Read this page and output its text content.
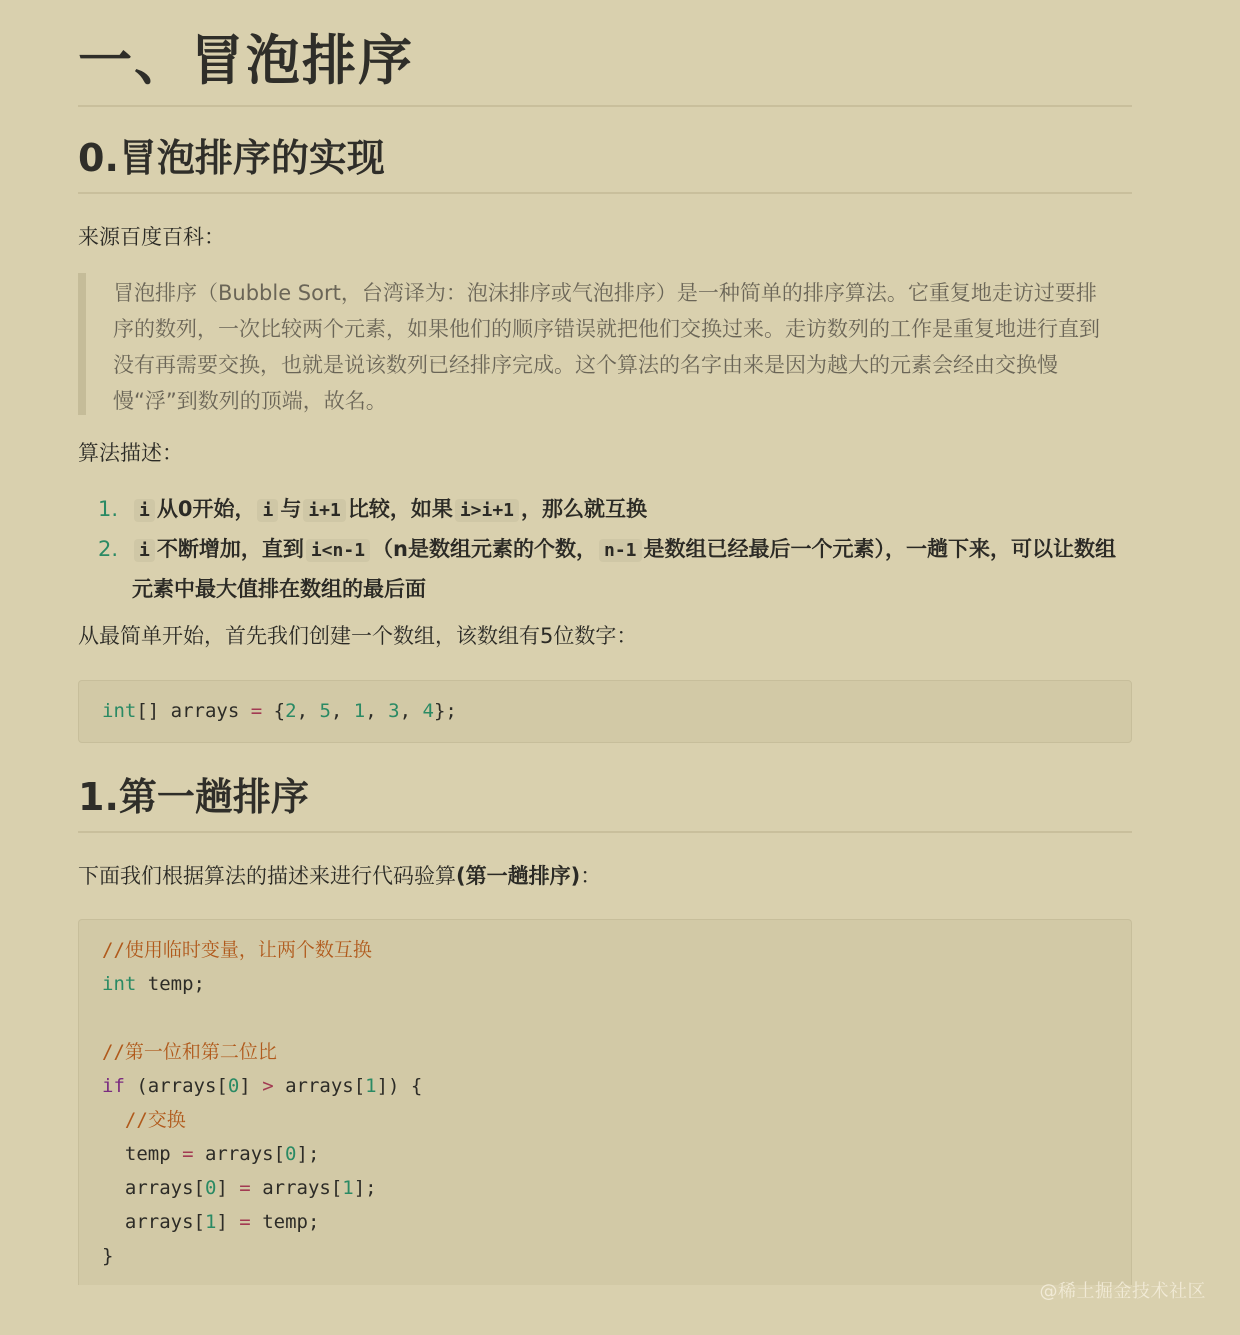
一、冒泡排序
0.冒泡排序的实现
来源百度百科：
冒泡排序（Bubble Sort，台湾译为：泡沫排序或气泡排序）是一种简单的排序算法。它重复地走访过要排序的数列，一次比较两个元素，如果他们的顺序错误就把他们交换过来。走访数列的工作是重复地进行直到没有再需要交换，也就是说该数列已经排序完成。这个算法的名字由来是因为越大的元素会经由交换慢慢“浮”到数列的顶端，故名。
算法描述：
1. i 从0开始， i 与 i+1 比较，如果 i>i+1 ，那么就互换
2. i 不断增加，直到 i<n-1 （n是数组元素的个数， n-1 是数组已经最后一个元素），一趟下来，可以让数组元素中最大值排在数组的最后面
从最简单开始，首先我们创建一个数组，该数组有5位数字：
int[] arrays = {2, 5, 1, 3, 4};
1.第一趟排序
下面我们根据算法的描述来进行代码验算(第一趟排序)：
//使用临时变量，让两个数互换
int temp;

//第一位和第二位比
if (arrays[0] > arrays[1]) {
//交换
temp = arrays[0];
arrays[0] = arrays[1];
arrays[1] = temp;
}
@稀土掘金技术社区
